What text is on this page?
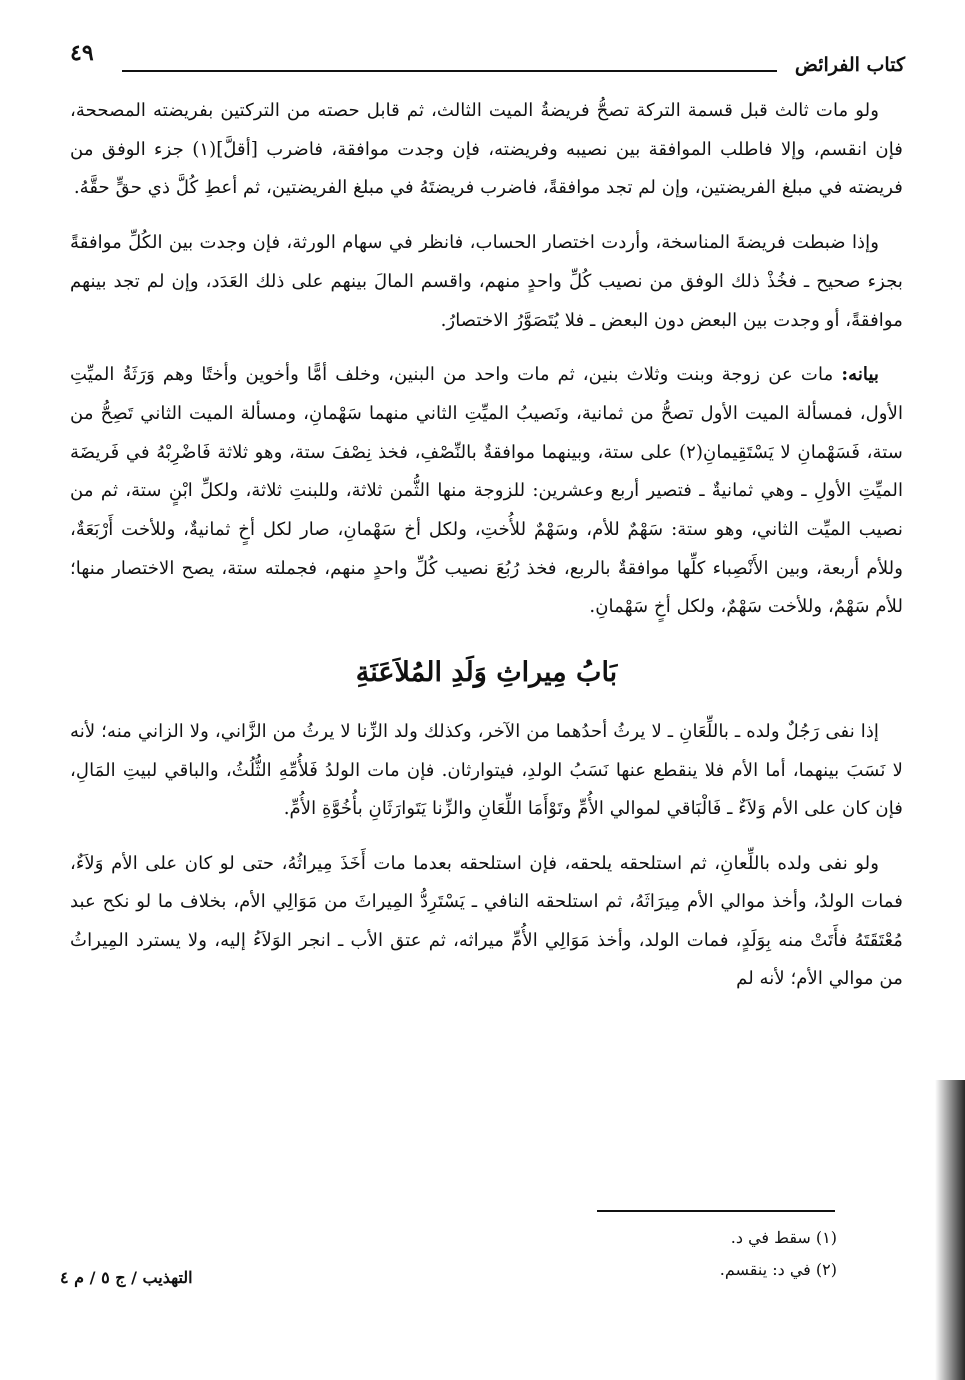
كتاب الفرائض
٤٩

ولو مات ثالث قبل قسمة التركة تصحُّ فريضةُ الميت الثالث، ثم قابل حصته من التركتين بفريضته المصححة، فإن انقسم، وإلا فاطلب الموافقة بين نصيبه وفريضته، فإن وجدت موافقة، فاضرب [أقلَّ](١) جزء الوفق من فريضته في مبلغ الفريضتين، وإن لم تجد موافقةً، فاضرب فريضتَهُ في مبلغ الفريضتين، ثم أعطِ كُلَّ ذي حقٍّ حقَّهُ.

وإذا ضبطت فريضةَ المناسخة، وأردت اختصار الحساب، فانظر في سهام الورثة، فإن وجدت بين الكُلِّ موافقةً بجزء صحيح ـ فخُذْ ذلك الوفق من نصيب كُلِّ واحدٍ منهم، واقسم المالَ بينهم على ذلك العَدَد، وإن لم تجد بينهم موافقةً، أو وجدت بين البعض دون البعض ـ فلا يُتَصَوَّرُ الاختصارُ.

بيانه: مات عن زوجة وبنت وثلاث بنين، ثم مات واحد من البنين، وخلف أمًّا وأخوين وأختًا وهم وَرَثَةُ الميِّتِ الأول، فمسألة الميت الأول تصحُّ من ثمانية، ونَصيبُ الميِّتِ الثاني منهما سَهْمانِ، ومسألة الميت الثاني تَصِحُّ من ستة، فَسَهْمانِ لا يَسْتَقِيمانِ(٢) على ستة، وبينهما موافقةٌ بالنِّصْفِ، فخذ نِصْفَ ستة، وهو ثلاثة فَاضْرِبْهُ في فَريضَة الميِّتِ الأولِ ـ وهي ثمانيةٌ ـ فتصير أربع وعشرين: للزوجة منها الثُّمن ثلاثة، وللبنتِ ثلاثة، ولكلِّ ابْنٍ ستة، ثم من نصيب الميِّت الثاني، وهو ستة: سَهْمٌ للأم، وسَهْمٌ للأُختِ، ولكل أخ سَهْمانِ، صار لكل أخٍ ثمانيةٌ، وللأخت أَرْبَعَةٌ، وللأم أربعة، وبين الأَنْصِباء كلِّها موافقةٌ بالربع، فخذ رُبُعَ نصيب كُلِّ واحدٍ منهم، فجملته ستة، يصح الاختصار منها؛ للأم سَهْمٌ، وللأخت سَهْمٌ، ولكل أخٍ سَهْمانِ.

بَابُ مِيراثِ وَلَدِ المُلاَعَنَةِ

إذا نفى رَجُلٌ ولده ـ باللِّعَانِ ـ لا يرثُ أحدُهما من الآخر، وكذلك ولد الزِّنا لا يرثُ من الزَّاني، ولا الزاني منه؛ لأنه لا نَسَبَ بينهما، أما الأم فلا ينقطع عنها نَسَبُ الولدِ، فيتوارثان. فإن مات الولدُ فَلأُمِّهِ الثُّلُثُ، والباقي لبيتِ المَالِ، فإن كان على الأم وَلاَءٌ ـ فَالْبَاقي لموالي الأُمِّ وتَوْأَمَا اللِّعَانِ والزِّنا يَتَوارَثَانِ بأُخُوَّةِ الأُمِّ.

ولو نفى ولده باللِّعانِ، ثم استلحقه يلحقه، فإن استلحقه بعدما مات أَخَذَ مِيراثُهُ، حتى لو كان على الأم وَلاَءٌ، فمات الولدُ، وأخذ موالي الأم مِيرَاثَهُ، ثم استلحقه النافي ـ يَسْتَرِدُّ المِيراثَ من مَوَالِي الأم، بخلاف ما لو نكح عبد مُعْتَقَتَهُ فأَتَتْ منه بِوَلَدٍ، فمات الولد، وأخذ مَوَالِي الأُمِّ ميراثه، ثم عتق الأب ـ انجر الوَلاَءُ إليه، ولا يسترد المِيراثُ من موالي الأم؛ لأنه لم

(١) سقط في د.
(٢) في د: ينقسم.
التهذيب / ج ٥ / م ٤
